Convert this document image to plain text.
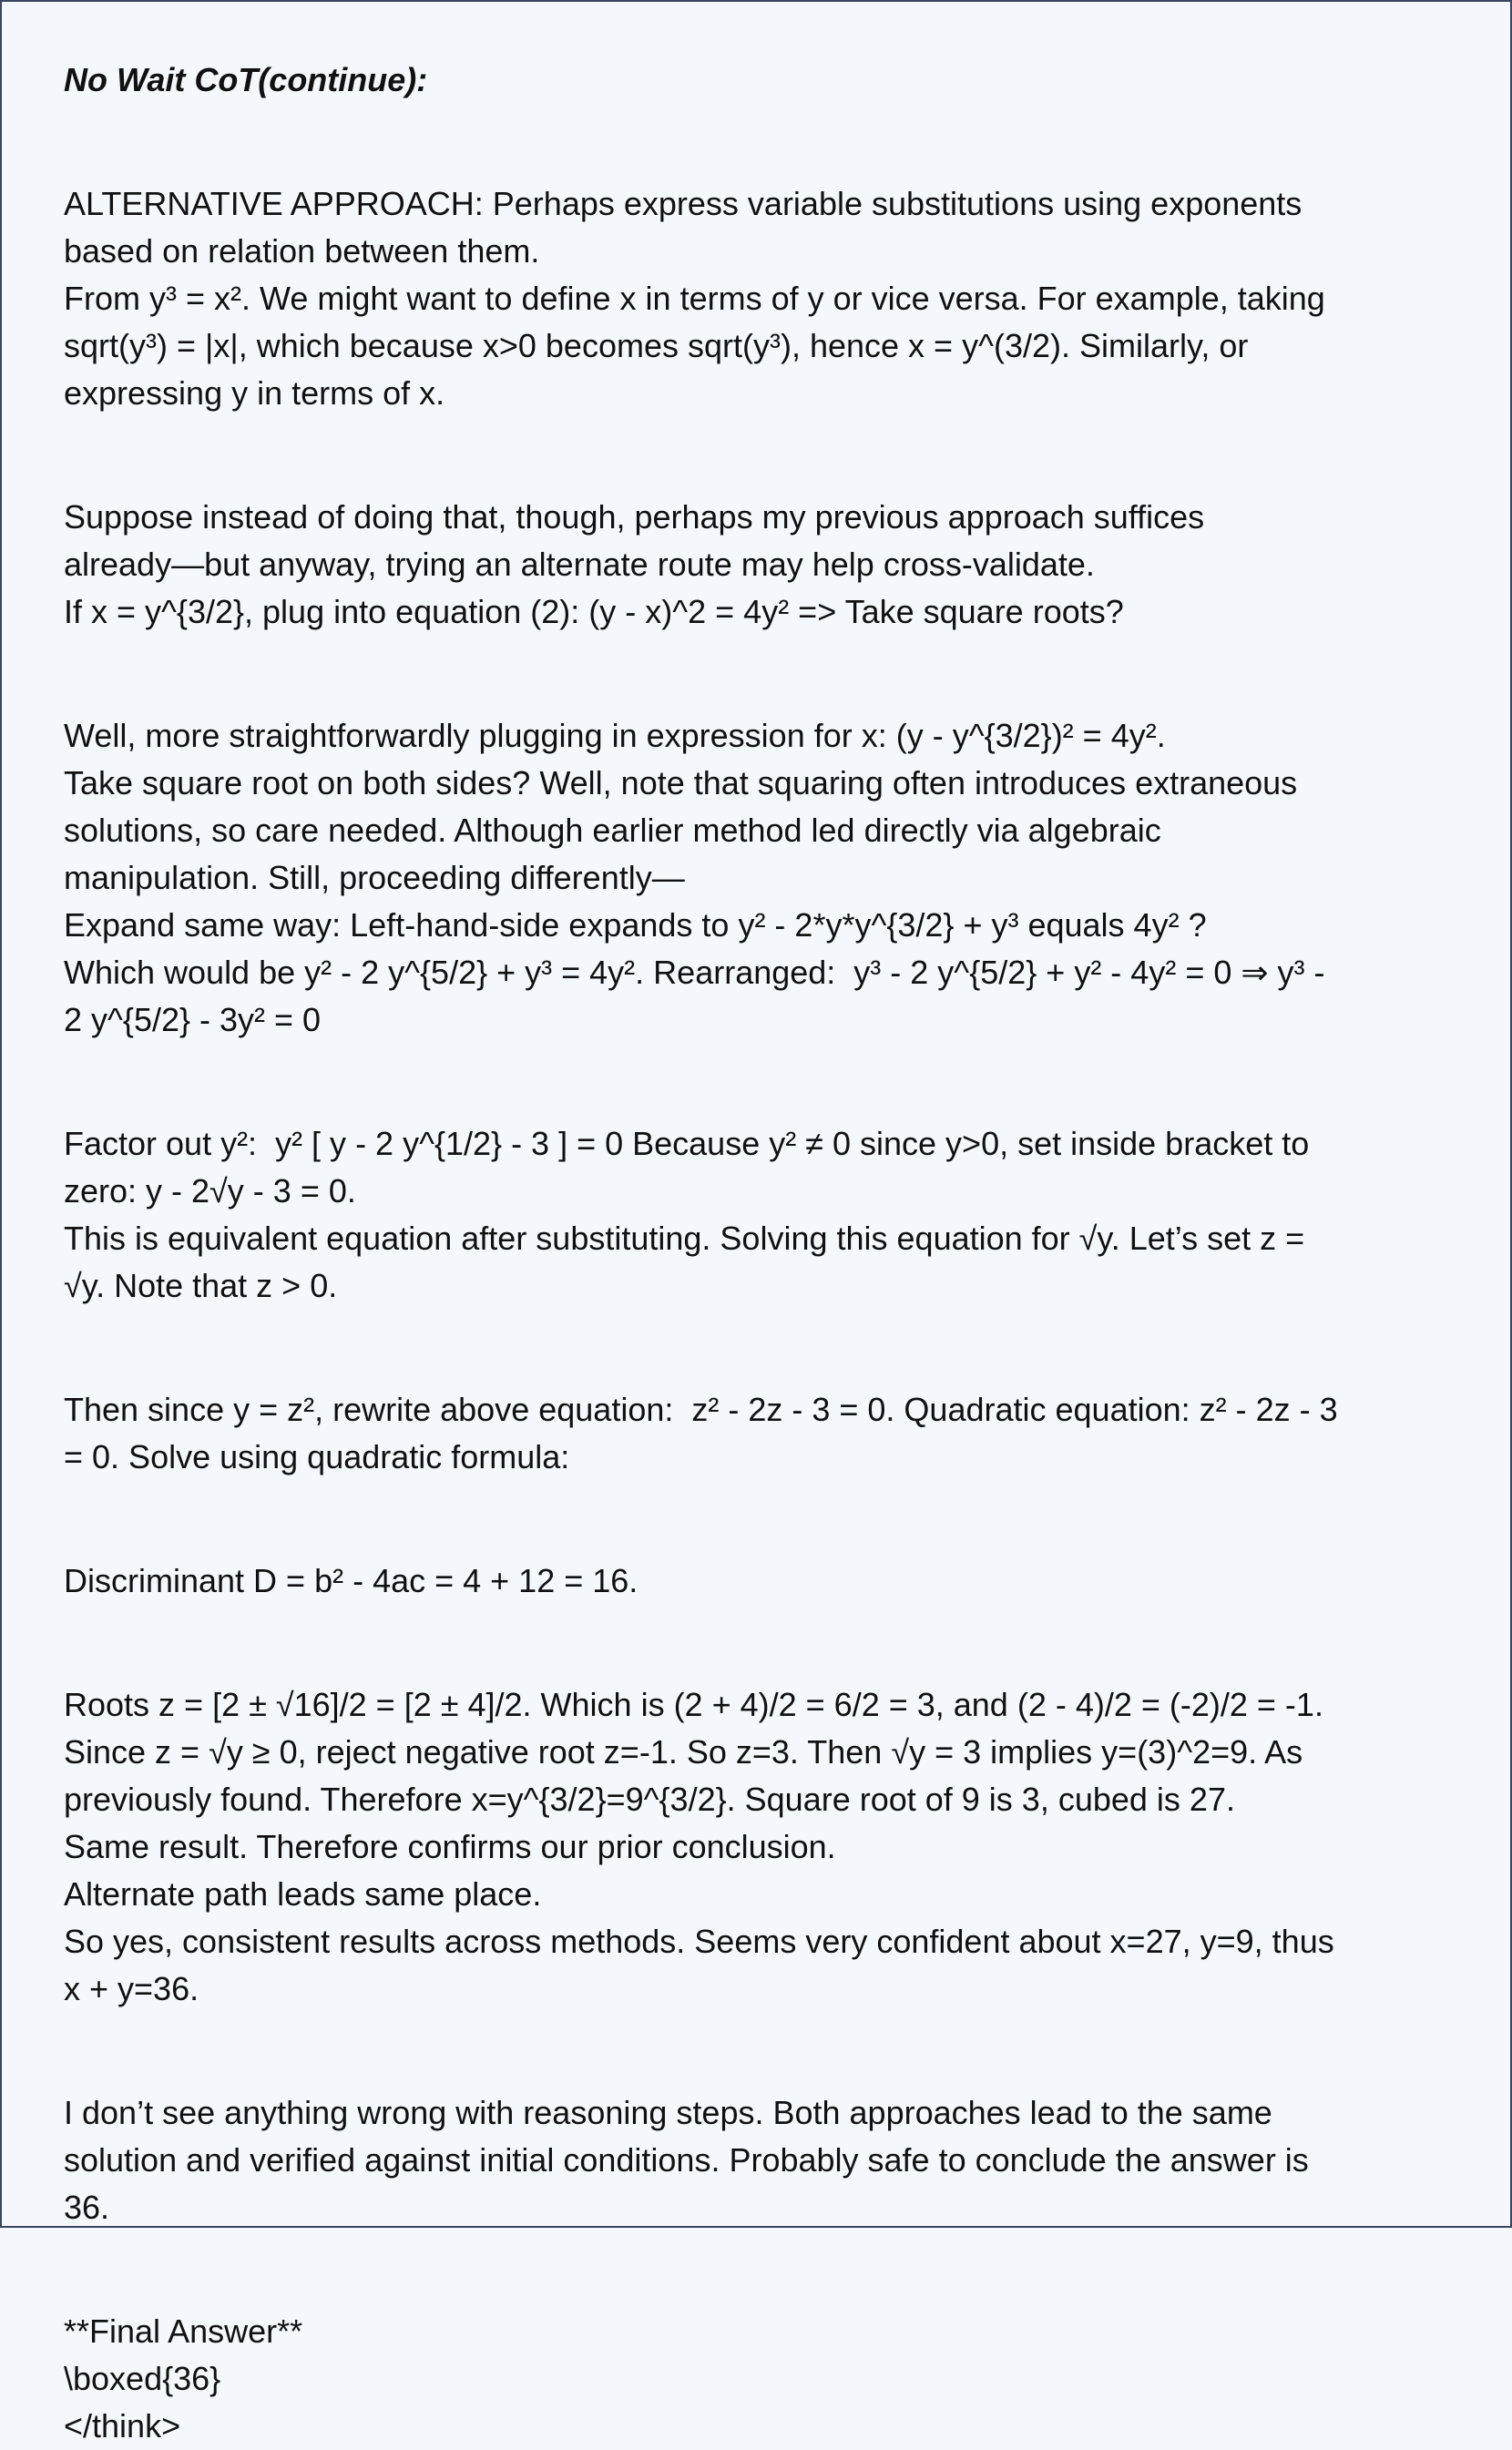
No Wait CoT(continue):

ALTERNATIVE APPROACH: Perhaps express variable substitutions using exponents

based on relation between them.

From y³ = x². We might want to define x in terms of y or vice versa. For example, taking

sqrt(y³) = |x|, which because x>0 becomes sqrt(y³), hence x = y^(3/2). Similarly, or

expressing y in terms of x.

Suppose instead of doing that, though, perhaps my previous approach suffices

already—but anyway, trying an alternate route may help cross-validate.

If x = y^{3/2}, plug into equation (2): (y - x)^2 = 4y² => Take square roots?

Well, more straightforwardly plugging in expression for x: (y - y^{3/2})² = 4y².

Take square root on both sides? Well, note that squaring often introduces extraneous

solutions, so care needed. Although earlier method led directly via algebraic

manipulation. Still, proceeding differently—

Expand same way: Left-hand-side expands to y² - 2*y*y^{3/2} + y³ equals 4y² ?

Which would be y² - 2 y^{5/2} + y³ = 4y². Rearranged:  y³ - 2 y^{5/2} + y² - 4y² = 0 ⇒ y³ -

2 y^{5/2} - 3y² = 0

Factor out y²:  y² [ y - 2 y^{1/2} - 3 ] = 0 Because y² ≠ 0 since y>0, set inside bracket to

zero: y - 2√y - 3 = 0.

This is equivalent equation after substituting. Solving this equation for √y. Let’s set z =

√y. Note that z > 0.

Then since y = z², rewrite above equation:  z² - 2z - 3 = 0. Quadratic equation: z² - 2z - 3

= 0. Solve using quadratic formula:

Discriminant D = b² - 4ac = 4 + 12 = 16.

Roots z = [2 ± √16]/2 = [2 ± 4]/2. Which is (2 + 4)/2 = 6/2 = 3, and (2 - 4)/2 = (-2)/2 = -1.

Since z = √y ≥ 0, reject negative root z=-1. So z=3. Then √y = 3 implies y=(3)^2=9. As

previously found. Therefore x=y^{3/2}=9^{3/2}. Square root of 9 is 3, cubed is 27.

Same result. Therefore confirms our prior conclusion.

Alternate path leads same place.

So yes, consistent results across methods. Seems very confident about x=27, y=9, thus

x + y=36.

I don’t see anything wrong with reasoning steps. Both approaches lead to the same

solution and verified against initial conditions. Probably safe to conclude the answer is

36.

**Final Answer**

\boxed{36}

</think>
